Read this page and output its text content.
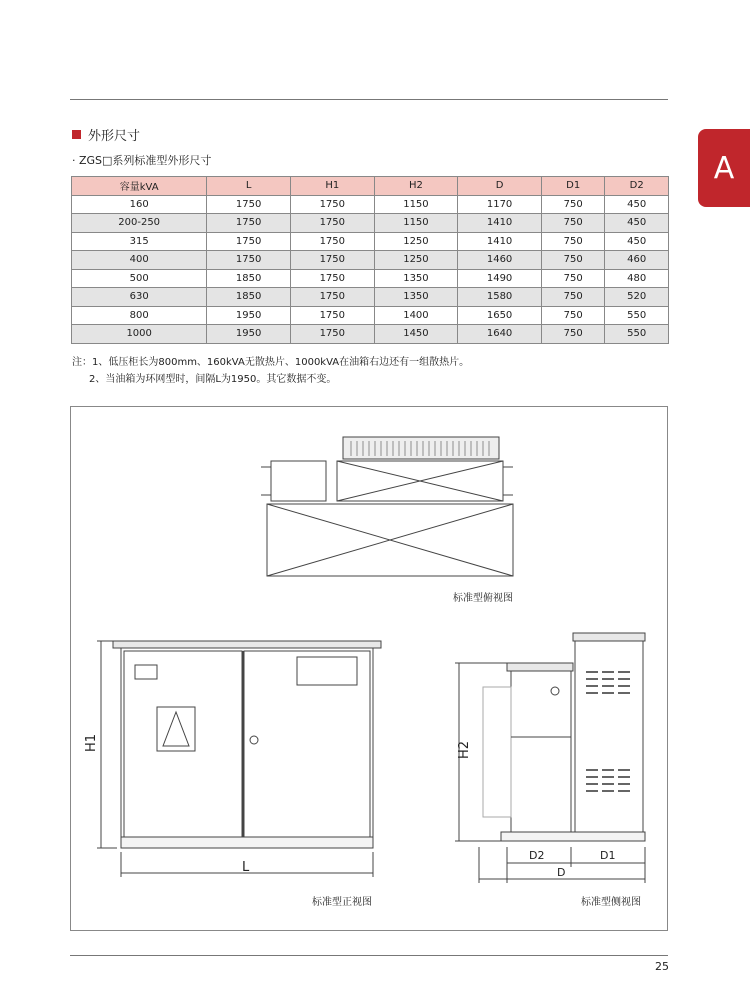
A
外形尺寸
· ZGS□系列标准型外形尺寸
容量kVA	L	H1	H2	D	D1	D2
160	1750	1750	1150	1170	750	450
200-250	1750	1750	1150	1410	750	450
315	1750	1750	1250	1410	750	450
400	1750	1750	1250	1460	750	460
500	1850	1750	1350	1490	750	480
630	1850	1750	1350	1580	750	520
800	1950	1750	1400	1650	750	550
1000	1950	1750	1450	1640	750	550
注：1、低压柜长为800mm、160kVA无散热片、1000kVA在油箱右边还有一组散热片。
2、当油箱为环网型时，间隔L为1950。其它数据不变。
H1
L
H2
D2	D1
D
标准型俯视图
标准型正视图	标准型侧视图
25
